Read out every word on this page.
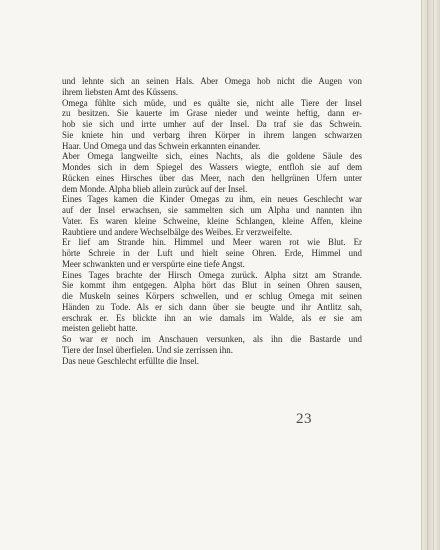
und lehnte sich an seinen Hals. Aber Omega hob nicht die Augen von
ihrem liebsten Amt des Küssens.
Omega fühlte sich müde, und es quälte sie, nicht alle Tiere der Insel
zu besitzen. Sie kauerte im Grase nieder und weinte heftig, dann er-
hob sie sich und irrte umher auf der Insel. Da traf sie das Schwein.
Sie kniete hin und verbarg ihren Körper in ihrem langen schwarzen
Haar. Und Omega und das Schwein erkannten einander.
Aber Omega langweilte sich, eines Nachts, als die goldene Säule des
Mondes sich in dem Spiegel des Wassers wiegte, entfloh sie auf dem
Rücken eines Hirsches über das Meer, nach den hellgrünen Ufern unter
dem Monde. Alpha blieb allein zurück auf der Insel.
Eines Tages kamen die Kinder Omegas zu ihm, ein neues Geschlecht war
auf der Insel erwachsen, sie sammelten sich um Alpha und nannten ihn
Vater. Es waren kleine Schweine, kleine Schlangen, kleine Affen, kleine
Raubtiere und andere Wechselbälge des Weibes. Er verzweifelte.
Er lief am Strande hin. Himmel und Meer waren rot wie Blut. Er
hörte Schreie in der Luft und hielt seine Ohren. Erde, Himmel und
Meer schwankten und er verspürte eine tiefe Angst.
Eines Tages brachte der Hirsch Omega zurück. Alpha sitzt am Strande.
Sie kommt ihm entgegen. Alpha hört das Blut in seinen Ohren sausen,
die Muskeln seines Körpers schwellen, und er schlug Omega mit seinen
Händen zu Tode. Als er sich dann über sie beugte und ihr Antlitz sah,
erschrak er. Es blickte ihn an wie damals im Walde, als er sie am
meisten geliebt hatte.
So war er noch im Anschauen versunken, als ihn die Bastarde und
Tiere der Insel überfielen. Und sie zerrissen ihn.
Das neue Geschlecht erfüllte die Insel.
23
